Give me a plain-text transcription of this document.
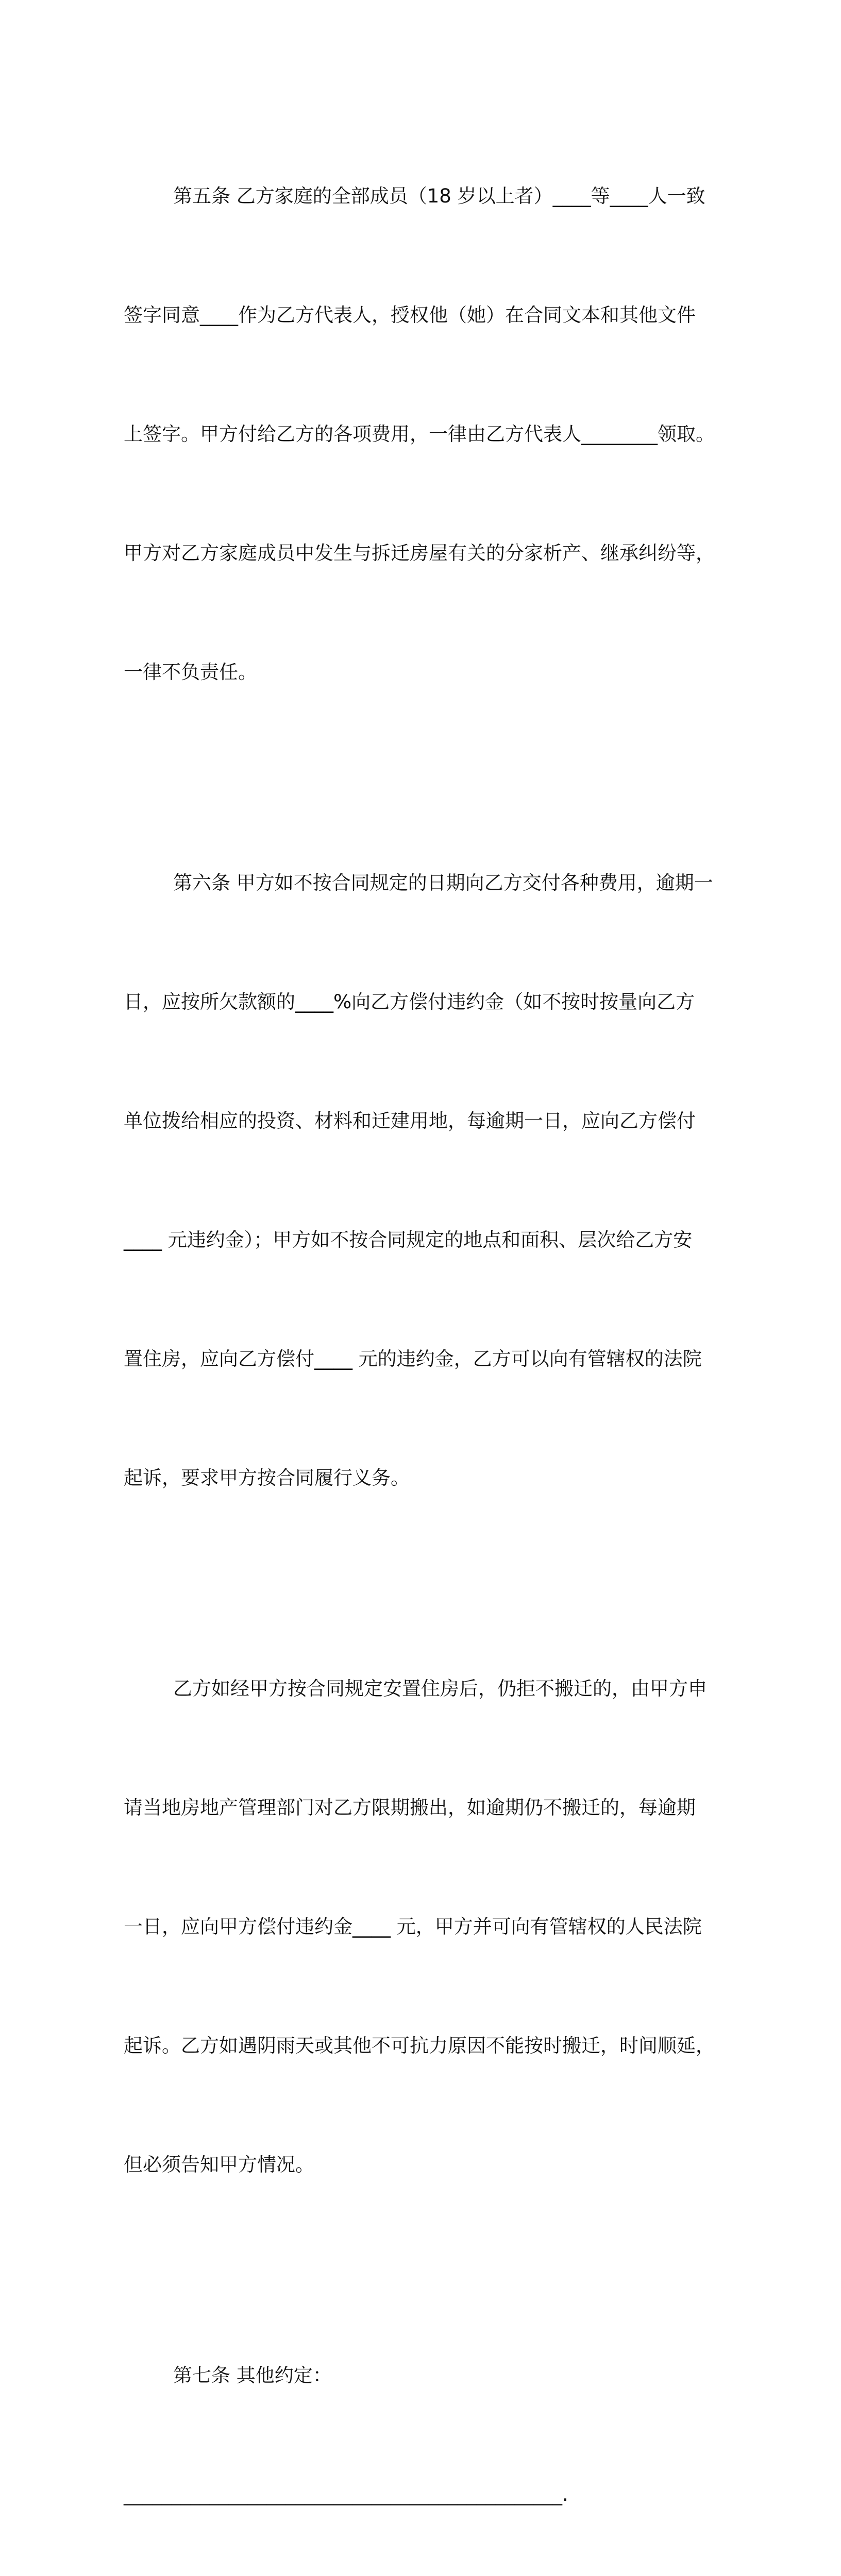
第五条 乙方家庭的全部成员（18 岁以上者）____等____人一致

签字同意____作为乙方代表人，授权他（她）在合同文本和其他文件

上签字。甲方付给乙方的各项费用，一律由乙方代表人________领取。

甲方对乙方家庭成员中发生与拆迁房屋有关的分家析产、继承纠纷等，

一律不负责任。

第六条 甲方如不按合同规定的日期向乙方交付各种费用，逾期一

日，应按所欠款额的____%向乙方偿付违约金（如不按时按量向乙方

单位拨给相应的投资、材料和迁建用地，每逾期一日，应向乙方偿付

____ 元违约金）；甲方如不按合同规定的地点和面积、层次给乙方安

置住房，应向乙方偿付____ 元的违约金，乙方可以向有管辖权的法院

起诉，要求甲方按合同履行义务。

乙方如经甲方按合同规定安置住房后，仍拒不搬迁的，由甲方申

请当地房地产管理部门对乙方限期搬出，如逾期仍不搬迁的，每逾期

一日，应向甲方偿付违约金____ 元，甲方并可向有管辖权的人民法院

起诉。乙方如遇阴雨天或其他不可抗力原因不能按时搬迁，时间顺延，

但必须告知甲方情况。

第七条 其他约定：

______________________________________________.
